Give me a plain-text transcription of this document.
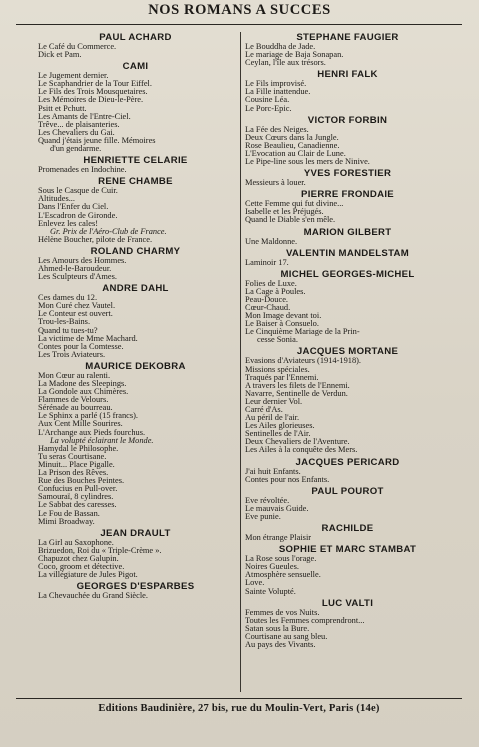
NOS ROMANS A SUCCES
PAUL ACHARD
Le Café du Commerce.
Dick et Pam.
CAMI
Le Jugement dernier.
Le Scaphandrier de la Tour Eiffel.
Le Fils des Trois Mousquetaires.
Les Mémoires de Dieu-le-Père.
Psitt et Pchutt.
Les Amants de l'Entre-Ciel.
Trêve... de plaisanteries.
Les Chevaliers du Gai.
Quand j'étais jeune fille. Mémoires
d'un gendarme.
HENRIETTE CELARIE
Promenades en Indochine.
RENE CHAMBE
Sous le Casque de Cuir.
Altitudes...
Dans l'Enfer du Ciel.
L'Escadron de Gironde.
Enlevez les cales!
Gr. Prix de l'Aéro-Club de France.
Hélène Boucher, pilote de France.
ROLAND CHARMY
Les Amours des Hommes.
Ahmed-le-Baroudeur.
Les Sculpteurs d'Ames.
ANDRE DAHL
Ces dames du 12.
Mon Curé chez Vautel.
Le Conteur est ouvert.
Trou-les-Bains.
Quand tu tues-tu?
La victime de Mme Machard.
Contes pour la Comtesse.
Les Trois Aviateurs.
MAURICE DEKOBRA
Mon Cœur au ralenti.
La Madone des Sleepings.
La Gondole aux Chimères.
Flammes de Velours.
Sérénade au bourreau.
Le Sphinx a parlé (15 francs).
Aux Cent Mille Sourires.
L'Archange aux Pieds fourchus.
La volupté éclairant le Monde.
Hamydal le Philosophe.
Tu seras Courtisane.
Minuit... Place Pigalle.
La Prison des Rêves.
Rue des Bouches Peintes.
Confucius en Pull-over.
Samouraï, 8 cylindres.
Le Sabbat des caresses.
Le Fou de Bassan.
Mimi Broadway.
JEAN DRAULT
La Girl au Saxophone.
Brizuedon, Roi du « Triple-Crème ».
Chapuzot chez Galupin.
Coco, groom et détective.
La villégiature de Jules Pigot.
GEORGES D'ESPARBES
La Chevauchée du Grand Siècle.
STEPHANE FAUGIER
Le Bouddha de Jade.
Le mariage de Baja Sonapan.
Ceylan, l'île aux trésors.
HENRI FALK
Le Fils improvisé.
La Fille inattendue.
Cousine Léa.
Le Porc-Epic.
VICTOR FORBIN
La Fée des Neiges.
Deux Cœurs dans la Jungle.
Rose Beaulieu, Canadienne.
L'Evocation au Clair de Lune.
Le Pipe-line sous les mers de Ninive.
YVES FORESTIER
Messieurs à louer.
PIERRE FRONDAIE
Cette Femme qui fut divine...
Isabelle et les Préjugés.
Quand le Diable s'en mêle.
MARION GILBERT
Une Maldonne.
VALENTIN MANDELSTAM
Laminoir 17.
MICHEL GEORGES-MICHEL
Folies de Luxe.
La Cage à Poules.
Peau-Douce.
Cœur-Chaud.
Mon Image devant toi.
Le Baiser à Consuelo.
Le Cinquième Mariage de la Prin-
cesse Sonia.
JACQUES MORTANE
Evasions d'Aviateurs (1914-1918).
Missions spéciales.
Traqués par l'Ennemi.
A travers les filets de l'Ennemi.
Navarre, Sentinelle de Verdun.
Leur dernier Vol.
Carré d'As.
Au péril de l'air.
Les Ailes glorieuses.
Sentinelles de l'Air.
Deux Chevaliers de l'Aventure.
Les Ailes à la conquête des Mers.
JACQUES PERICARD
J'ai huit Enfants.
Contes pour nos Enfants.
PAUL POUROT
Eve révoltée.
Le mauvais Guide.
Eve punie.
RACHILDE
Mon étrange Plaisir
SOPHIE ET MARC STAMBAT
La Rose sous l'orage.
Noires Gueules.
Atmosphère sensuelle.
Love.
Sainte Volupté.
LUC VALTI
Femmes de vos Nuits.
Toutes les Femmes comprendront...
Satan sous la Bure.
Courtisane au sang bleu.
Au pays des Vivants.
Editions Baudinière, 27 bis, rue du Moulin-Vert, Paris (14e)
